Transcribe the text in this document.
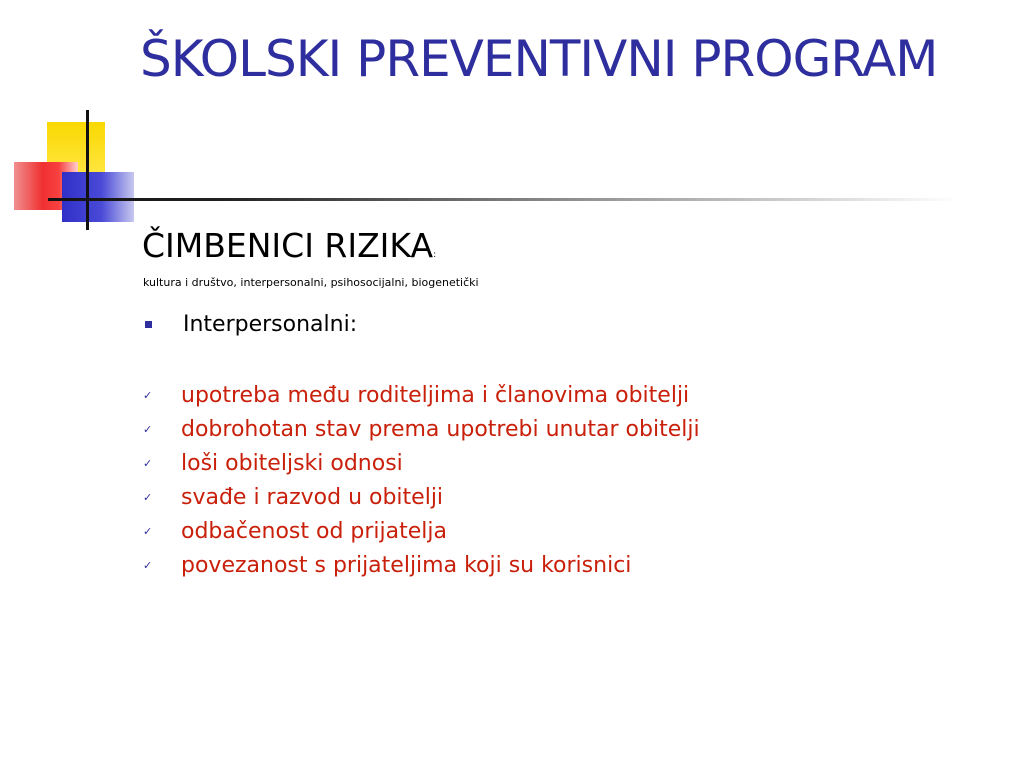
ŠKOLSKI PREVENTIVNI PROGRAM
ČIMBENICI RIZIKA:
kultura i društvo, interpersonalni, psihosocijalni, biogenetički
Interpersonalni:
✓	upotreba među roditeljima i članovima obitelji
✓	dobrohotan stav prema upotrebi unutar obitelji
✓	loši obiteljski odnosi
✓	svađe i razvod u obitelji
✓	odbačenost od prijatelja
✓	povezanost s prijateljima koji su korisnici
